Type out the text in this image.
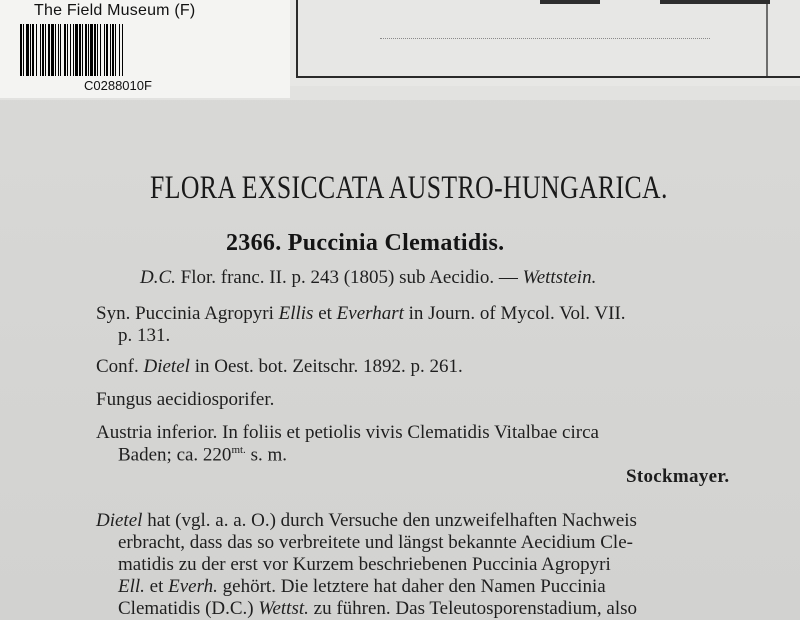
The Field Museum (F)
C0288010F
FLORA EXSICCATA AUSTRO-HUNGARICA.
2366. Puccinia Clematidis.
D.C. Flor. franc. II. p. 243 (1805) sub Aecidio. — Wettstein.
Syn. Puccinia Agropyri Ellis et Everhart in Journ. of Mycol. Vol. VII.
p. 131.
Conf. Dietel in Oest. bot. Zeitschr. 1892. p. 261.
Fungus aecidiosporifer.
Austria inferior. In foliis et petiolis vivis Clematidis Vitalbae circa
Baden; ca. $220^{mt.}$ s. m.
Dietel hat (vgl. a. a. O.) durch Versuche den unzweifelhaften Nachweis
erbracht, dass das so verbreitete und längst bekannte Aecidium Cle-
matidis zu der erst vor Kurzem beschriebenen Puccinia Agropyri
Ell. et Everh. gehört. Die letztere hat daher den Namen Puccinia
Clematidis (D.C.) Wettst. zu führen. Das Teleutosporenstadium, also
Stockmayer.
